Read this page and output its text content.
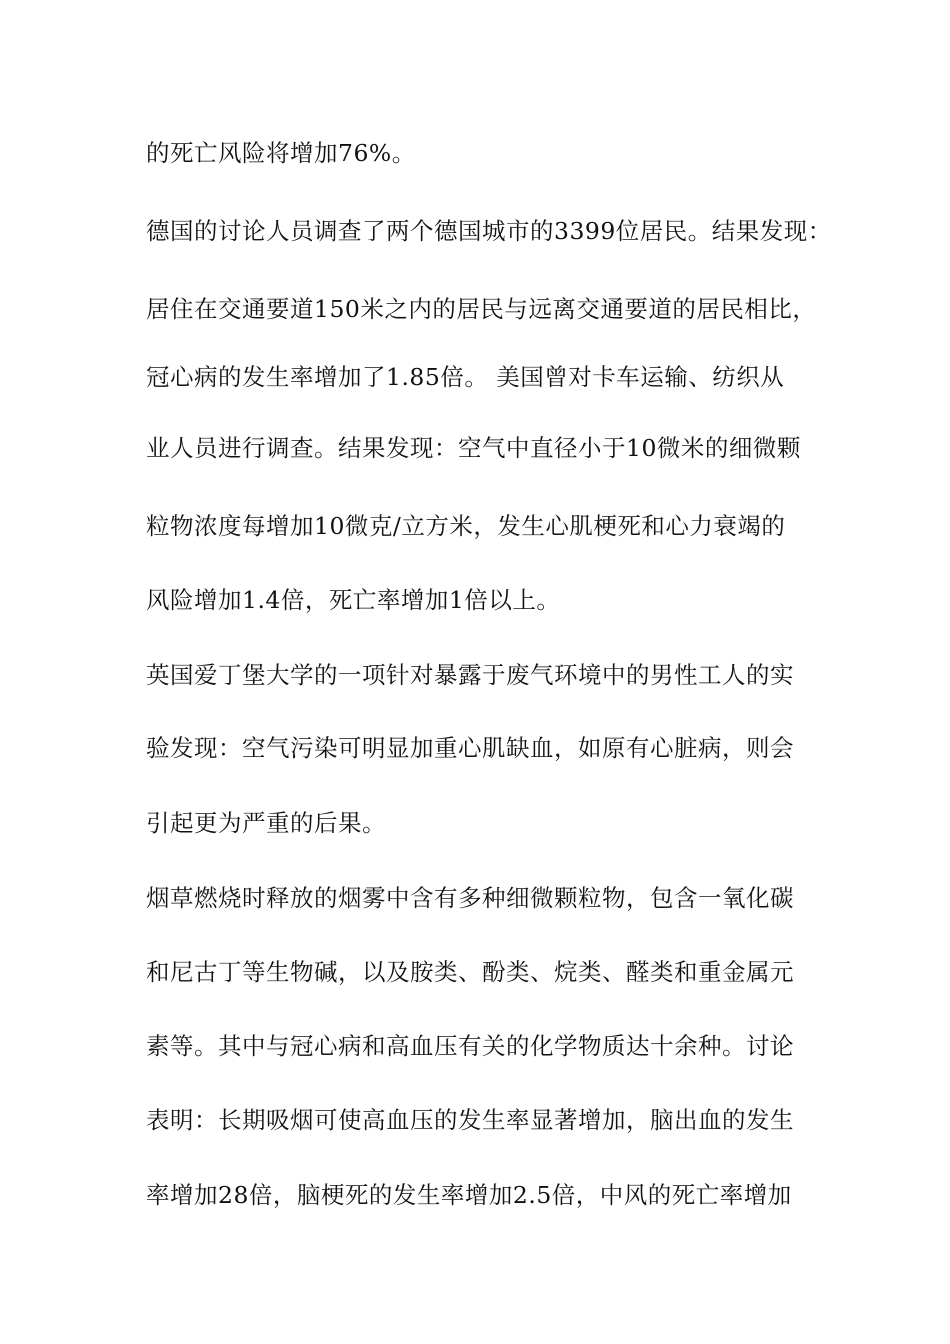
的死亡风险将增加76%。
德国的讨论人员调查了两个德国城市的3399位居民。结果发现：
居住在交通要道150米之内的居民与远离交通要道的居民相比，
冠心病的发生率增加了1.85倍。 美国曾对卡车运输、纺织从
业人员进行调查。结果发现：空气中直径小于10微米的细微颗
粒物浓度每增加10微克/立方米，发生心肌梗死和心力衰竭的
风险增加1.4倍，死亡率增加1倍以上。
英国爱丁堡大学的一项针对暴露于废气环境中的男性工人的实
验发现：空气污染可明显加重心肌缺血，如原有心脏病，则会
引起更为严重的后果。
烟草燃烧时释放的烟雾中含有多种细微颗粒物，包含一氧化碳
和尼古丁等生物碱，以及胺类、酚类、烷类、醛类和重金属元
素等。其中与冠心病和高血压有关的化学物质达十余种。讨论
表明：长期吸烟可使高血压的发生率显著增加，脑出血的发生
率增加28倍，脑梗死的发生率增加2.5倍，中风的死亡率增加
